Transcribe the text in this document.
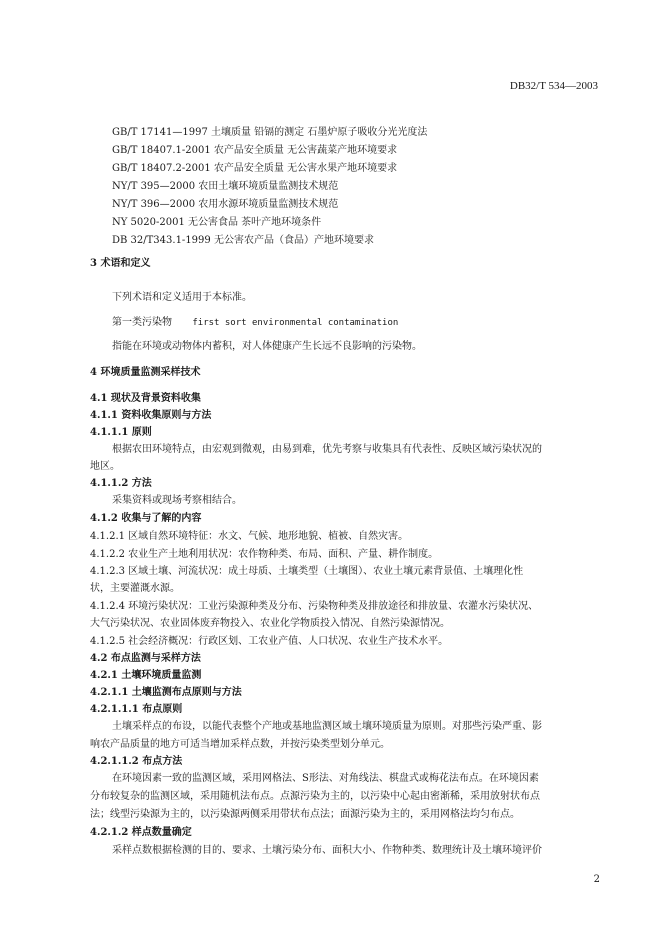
DB32/T 534—2003
GB/T 17141—1997 土壤质量 铅镉的测定 石墨炉原子吸收分光光度法
GB/T 18407.1-2001 农产品安全质量 无公害蔬菜产地环境要求
GB/T 18407.2-2001 农产品安全质量 无公害水果产地环境要求
NY/T 395—2000 农田土壤环境质量监测技术规范
NY/T 396—2000 农用水源环境质量监测技术规范
NY 5020-2001 无公害食品 茶叶产地环境条件
DB 32/T343.1-1999 无公害农产品（食品）产地环境要求
3 术语和定义
下列术语和定义适用于本标准。
第一类污染物 first sort environmental contamination
指能在环境或动物体内蓄积，对人体健康产生长远不良影响的污染物。
4 环境质量监测采样技术
4.1 现状及背景资料收集
4.1.1 资料收集原则与方法
4.1.1.1 原则
根据农田环境特点，由宏观到微观，由易到难，优先考察与收集具有代表性、反映区域污染状况的
地区。
4.1.1.2 方法
采集资料或现场考察相结合。
4.1.2 收集与了解的内容
4.1.2.1 区域自然环境特征：水文、气候、地形地貌、植被、自然灾害。
4.1.2.2 农业生产土地利用状况：农作物种类、布局、面积、产量、耕作制度。
4.1.2.3 区域土壤、河流状况：成土母质、土壤类型（土壤图）、农业土壤元素背景值、土壤理化性
状，主要灌溉水源。
4.1.2.4 环境污染状况：工业污染源种类及分布、污染物种类及排放途径和排放量、农灌水污染状况、
大气污染状况、农业固体废弃物投入、农业化学物质投入情况、自然污染源情况。
4.1.2.5 社会经济概况：行政区划、工农业产值、人口状况、农业生产技术水平。
4.2 布点监测与采样方法
4.2.1 土壤环境质量监测
4.2.1.1 土壤监测布点原则与方法
4.2.1.1.1 布点原则
土壤采样点的布设，以能代表整个产地或基地监测区域土壤环境质量为原则。对那些污染严重、影
响农产品质量的地方可适当增加采样点数，并按污染类型划分单元。
4.2.1.1.2 布点方法
在环境因素一致的监测区域，采用网格法、S形法、对角线法、棋盘式或梅花法布点。在环境因素
分布较复杂的监测区域，采用随机法布点。点源污染为主的，以污染中心起由密渐稀，采用放射状布点
法；线型污染源为主的，以污染源两侧采用带状布点法；面源污染为主的，采用网格法均匀布点。
4.2.1.2 样点数量确定
采样点数根据检测的目的、要求、土壤污染分布、面积大小、作物种类、数理统计及土壤环境评价
2
